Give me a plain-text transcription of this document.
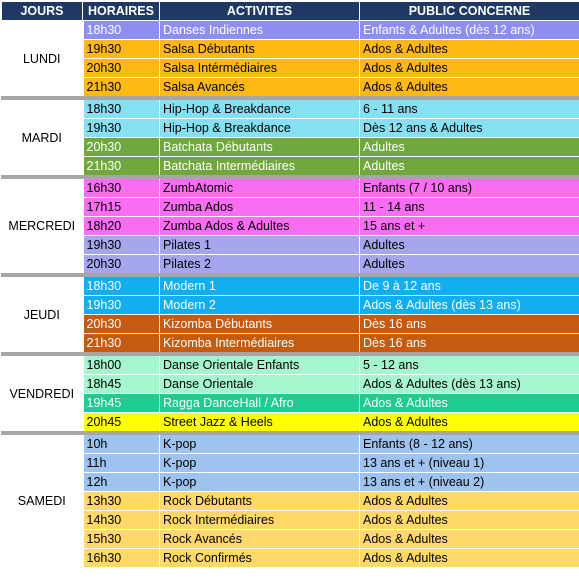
JOURS	HORAIRES	ACTIVITES	PUBLIC CONCERNE
LUNDI	18h30	Danses Indiennes	Enfants & Adultes (dès 12 ans)
	19h30	Salsa Débutants	Ados & Adultes
	20h30	Salsa Intérmédiaires	Ados & Adultes
	21h30	Salsa Avancés	Ados & Adultes
MARDI	18h30	Hip-Hop & Breakdance	6 - 11 ans
	19h30	Hip-Hop & Breakdance	Dès 12 ans & Adultes
	20h30	Batchata Débutants	Adultes
	21h30	Batchata Intermédiaires	Adultes
MERCREDI	16h30	ZumbAtomic	Enfants (7 / 10 ans)
	17h15	Zumba Ados	11 - 14 ans
	18h20	Zumba Ados & Adultes	15 ans et +
	19h30	Pilates 1	Adultes
	20h30	Pilates 2	Adultes
JEUDI	18h30	Modern 1	De 9 à 12 ans
	19h30	Modern 2	Ados & Adultes (dès 13 ans)
	20h30	Kizomba Débutants	Dès 16 ans
	21h30	Kizomba Intermédiaires	Dès 16 ans
VENDREDI	18h00	Danse Orientale Enfants	5 - 12 ans
	18h45	Danse Orientale	Ados & Adultes (dès 13 ans)
	19h45	Ragga DanceHall / Afro	Ados & Adultes
	20h45	Street Jazz & Heels	Ados & Adultes
SAMEDI	10h	K-pop	Enfants (8 - 12 ans)
	11h	K-pop	13 ans et + (niveau 1)
	12h	K-pop	13 ans et + (niveau 2)
	13h30	Rock Débutants	Ados & Adultes
	14h30	Rock Intermédiaires	Ados & Adultes
	15h30	Rock Avancés	Ados & Adultes
	16h30	Rock Confirmés	Ados & Adultes
